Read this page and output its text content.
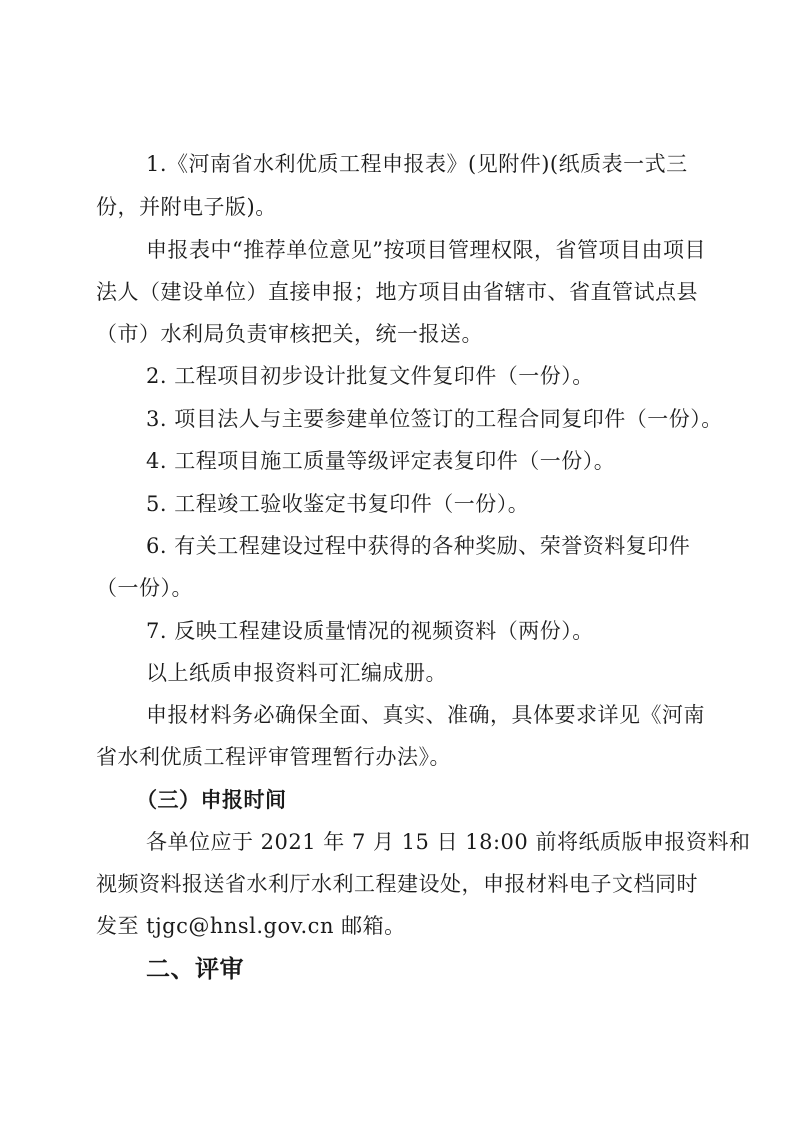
1.《河南省水利优质工程申报表》(见附件)(纸质表一式三
份，并附电子版)。
申报表中“推荐单位意见”按项目管理权限，省管项目由项目
法人（建设单位）直接申报；地方项目由省辖市、省直管试点县
（市）水利局负责审核把关，统一报送。
2. 工程项目初步设计批复文件复印件（一份）。
3. 项目法人与主要参建单位签订的工程合同复印件（一份）。
4. 工程项目施工质量等级评定表复印件（一份）。
5. 工程竣工验收鉴定书复印件（一份）。
6. 有关工程建设过程中获得的各种奖励、荣誉资料复印件
（一份）。
7. 反映工程建设质量情况的视频资料（两份）。
以上纸质申报资料可汇编成册。
申报材料务必确保全面、真实、准确，具体要求详见《河南
省水利优质工程评审管理暂行办法》。
（三）申报时间
各单位应于 2021 年 7 月 15 日 18:00 前将纸质版申报资料和
视频资料报送省水利厅水利工程建设处，申报材料电子文档同时
发至 tjgc@hnsl.gov.cn 邮箱。
二、评审
